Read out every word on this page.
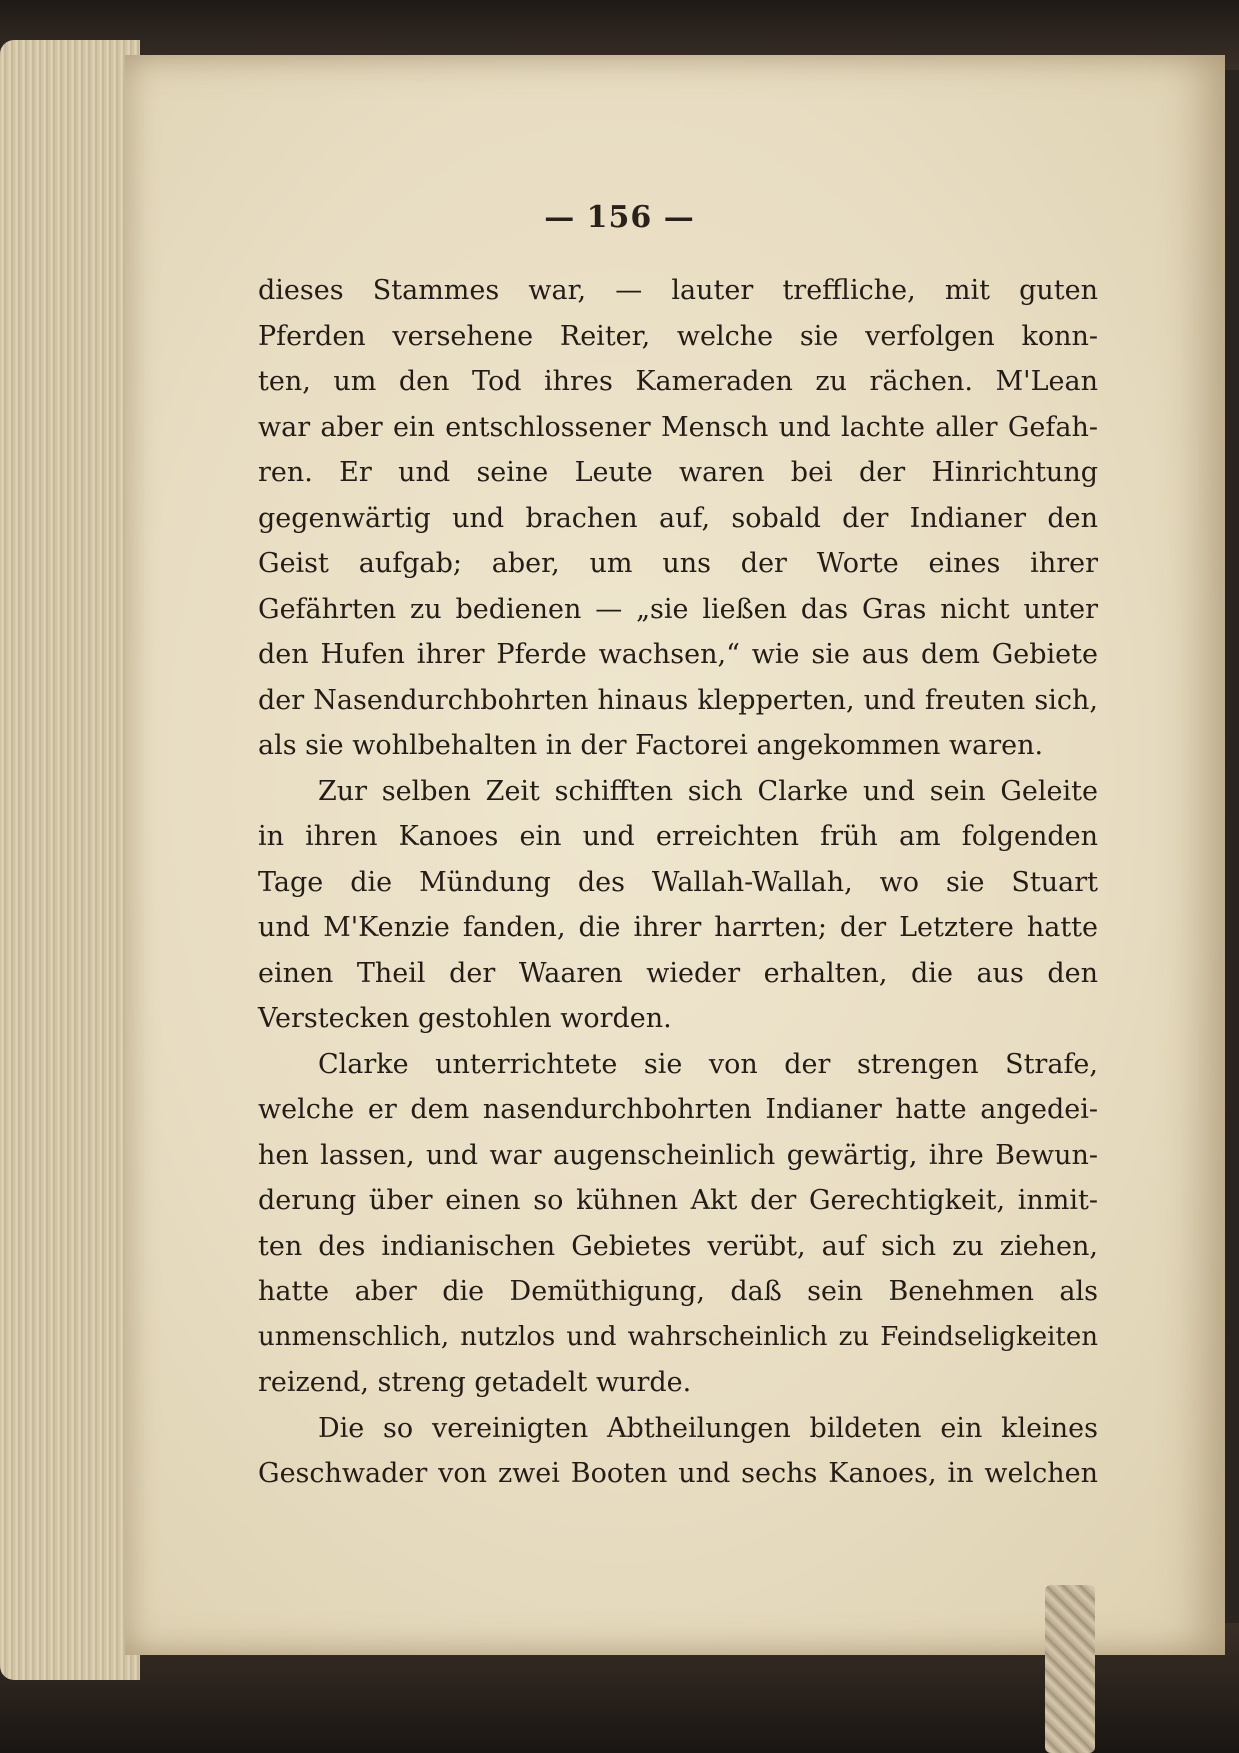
— 156 —
dieses Stammes war, — lauter treffliche, mit guten
Pferden versehene Reiter, welche sie verfolgen konn-
ten, um den Tod ihres Kameraden zu rächen. M'Lean
war aber ein entschlossener Mensch und lachte aller Gefah-
ren. Er und seine Leute waren bei der Hinrichtung
gegenwärtig und brachen auf, sobald der Indianer den
Geist aufgab; aber, um uns der Worte eines ihrer
Gefährten zu bedienen — „sie ließen das Gras nicht unter
den Hufen ihrer Pferde wachsen,“ wie sie aus dem Gebiete
der Nasendurchbohrten hinaus klepperten, und freuten sich,
als sie wohlbehalten in der Factorei angekommen waren.
Zur selben Zeit schifften sich Clarke und sein Geleite
in ihren Kanoes ein und erreichten früh am folgenden
Tage die Mündung des Wallah-Wallah, wo sie Stuart
und M'Kenzie fanden, die ihrer harrten; der Letztere hatte
einen Theil der Waaren wieder erhalten, die aus den
Verstecken gestohlen worden.
Clarke unterrichtete sie von der strengen Strafe,
welche er dem nasendurchbohrten Indianer hatte angedei-
hen lassen, und war augenscheinlich gewärtig, ihre Bewun-
derung über einen so kühnen Akt der Gerechtigkeit, inmit-
ten des indianischen Gebietes verübt, auf sich zu ziehen,
hatte aber die Demüthigung, daß sein Benehmen als
unmenschlich, nutzlos und wahrscheinlich zu Feindseligkeiten
reizend, streng getadelt wurde.
Die so vereinigten Abtheilungen bildeten ein kleines
Geschwader von zwei Booten und sechs Kanoes, in welchen
